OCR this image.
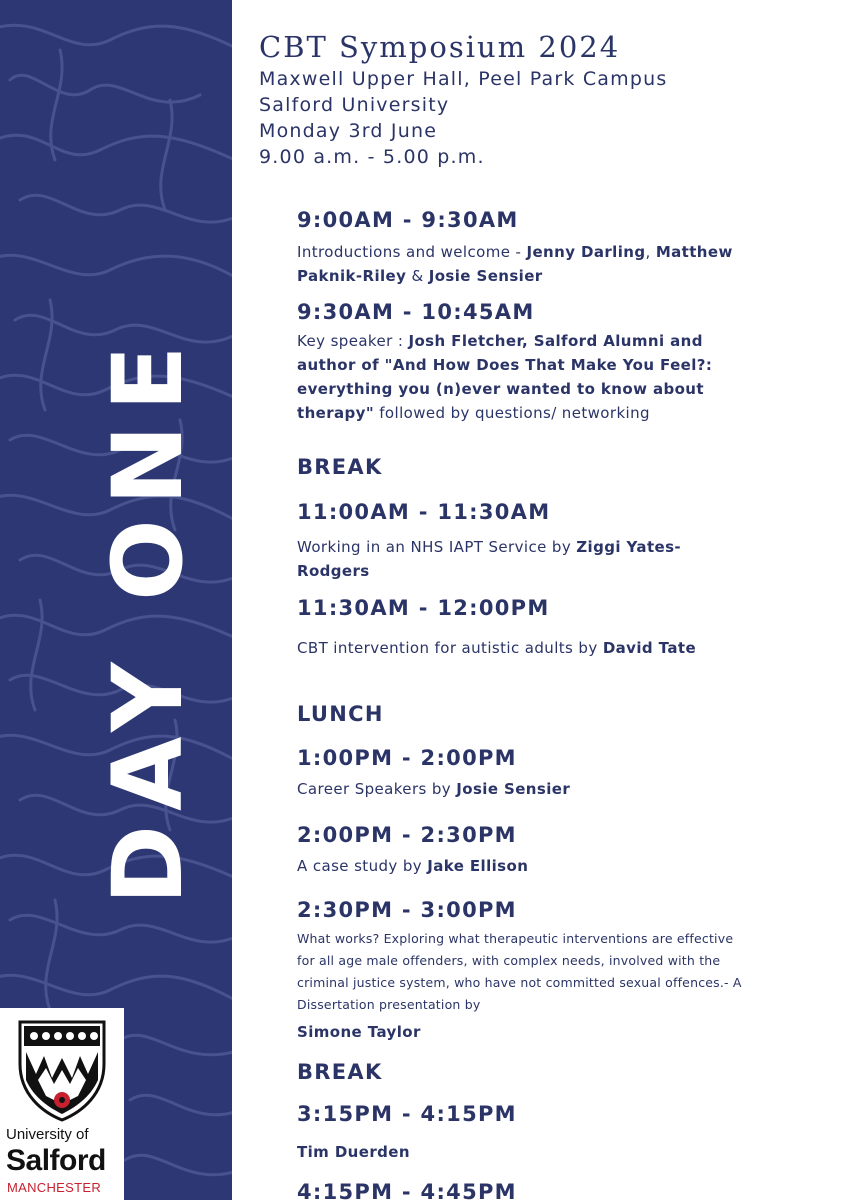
DAY ONE
University of
Salford
MANCHESTER
CBT Symposium 2024
Maxwell Upper Hall, Peel Park Campus
Salford University
Monday 3rd June
9.00 a.m. - 5.00 p.m.
9:00AM - 9:30AM
Introductions and welcome - Jenny Darling, Matthew Paknik-Riley & Josie Sensier
9:30AM - 10:45AM
Key speaker : Josh Fletcher, Salford Alumni and author of "And How Does That Make You Feel?: everything you (n)ever wanted to know about therapy" followed by questions/ networking
BREAK
11:00AM - 11:30AM
Working in an NHS IAPT Service by Ziggi Yates-Rodgers
11:30AM - 12:00PM
CBT intervention for autistic adults by David Tate
LUNCH
1:00PM - 2:00PM
Career Speakers by Josie Sensier
2:00PM - 2:30PM
A case study by Jake Ellison
2:30PM - 3:00PM
What works? Exploring what therapeutic interventions are effective for all age male offenders, with complex needs, involved with the criminal justice system, who have not committed sexual offences.- A Dissertation presentation by
Simone Taylor
BREAK
3:15PM - 4:15PM
Tim Duerden
4:15PM - 4:45PM
